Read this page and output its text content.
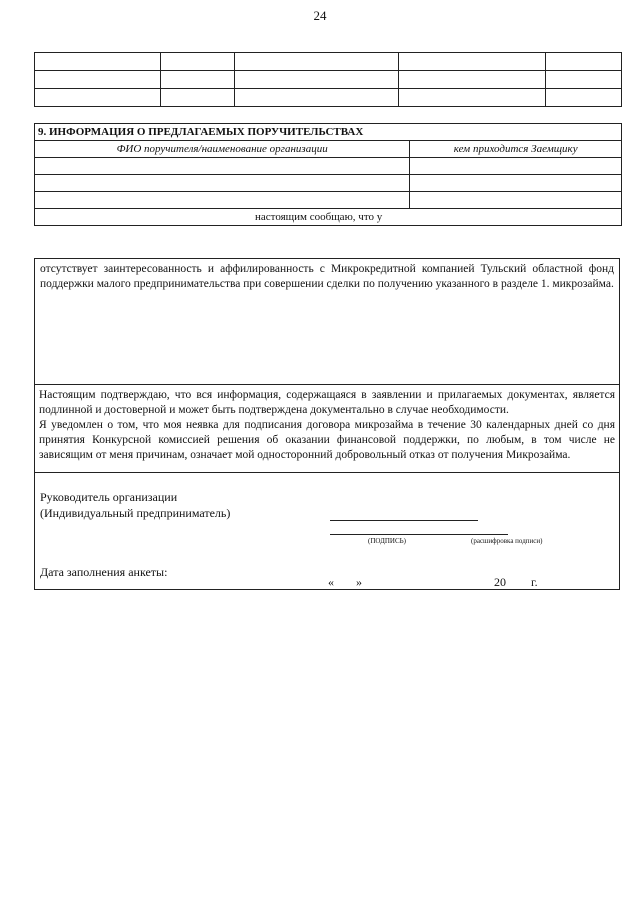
24

9. ИНФОРМАЦИЯ О ПРЕДЛАГАЕМЫХ ПОРУЧИТЕЛЬСТВАХ		
ФИО поручителя/наименование организации		кем приходится Заемщику

	настоящим сообщаю, что у	
отсутствует заинтересованность и аффилированность с Микрокредитной компанией Тульский областной фонд поддержки малого предпринимательства при совершении сделки по получению указанного в разделе 1. микрозайма.
Настоящим подтверждаю, что вся информация, содержащаяся в заявлении и прилагаемых документах, является подлинной и достоверной и может быть подтверждена документально в случае необходимости.
Я уведомлен о том, что моя неявка для подписания договора микрозайма в течение 30 календарных дней со дня принятия Конкурсной комиссией решения об оказании финансовой поддержки, по любым, в том числе не зависящим от меня причинам, означает мой односторонний добровольный отказ от получения Микрозайма.
Руководитель организации
(Индивидуальный предприниматель)
(ПОДПИСЬ)	(расшифровка подписи)
Дата заполнения анкеты:
« »	20 г.
